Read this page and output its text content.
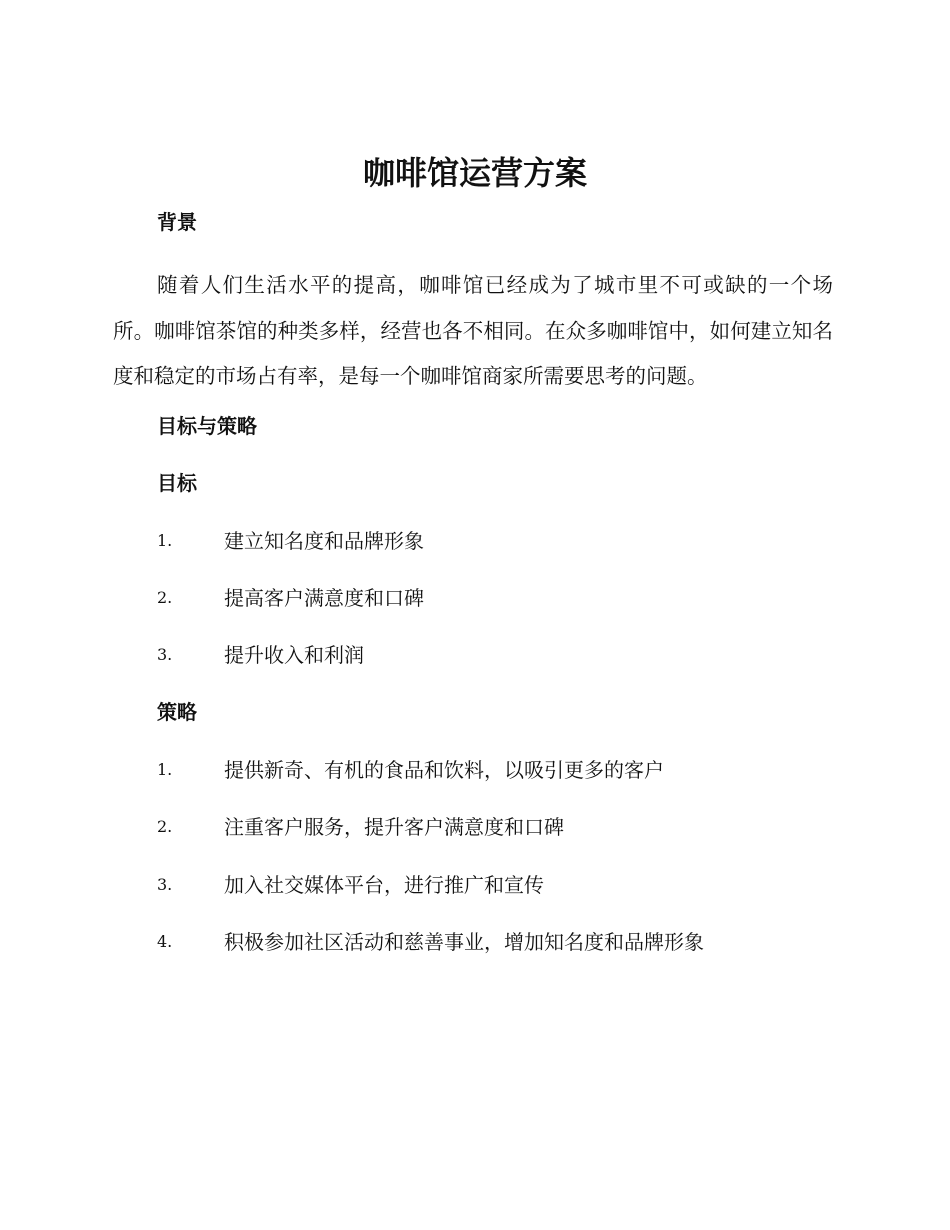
咖啡馆运营方案
背景
随着人们生活水平的提高，咖啡馆已经成为了城市里不可或缺的一个场所。咖啡馆茶馆的种类多样，经营也各不相同。在众多咖啡馆中，如何建立知名度和稳定的市场占有率，是每一个咖啡馆商家所需要思考的问题。
目标与策略
目标
1.	建立知名度和品牌形象
2.	提高客户满意度和口碑
3.	提升收入和利润
策略
1.	提供新奇、有机的食品和饮料，以吸引更多的客户
2.	注重客户服务，提升客户满意度和口碑
3.	加入社交媒体平台，进行推广和宣传
4.	积极参加社区活动和慈善事业，增加知名度和品牌形象
